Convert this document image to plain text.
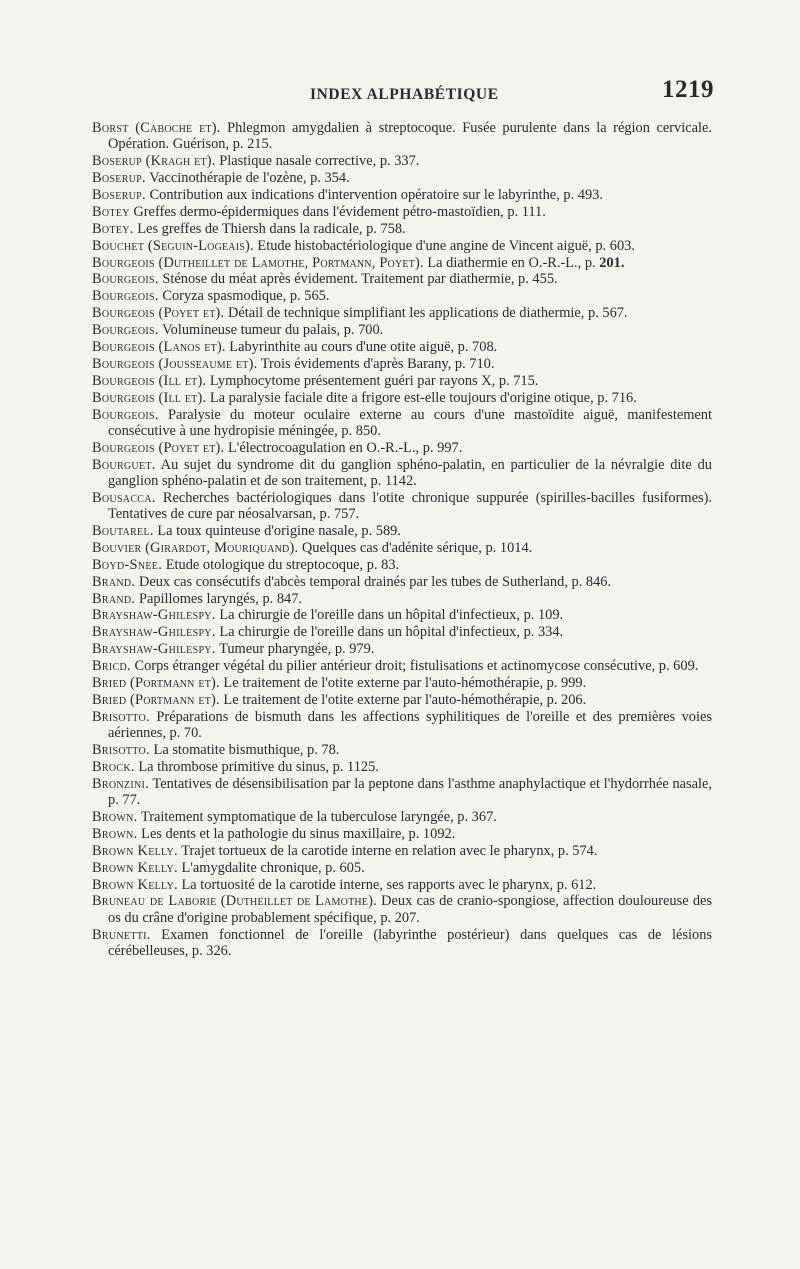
INDEX ALPHABÉTIQUE	1219
Borst (Caboche et). Phlegmon amygdalien à streptocoque. Fusée purulente dans la région cervicale. Opération. Guérison, p. 215.
Boserup (Kragh et). Plastique nasale corrective, p. 337.
Boserup. Vaccinothérapie de l'ozène, p. 354.
Boserup. Contribution aux indications d'intervention opératoire sur le labyrinthe, p. 493.
Botey Greffes dermo-épidermiques dans l'évidement pétro-mastoïdien, p. 111.
Botey. Les greffes de Thiersh dans la radicale, p. 758.
Bouchet (Seguin-Logeais). Etude histobactériologique d'une angine de Vincent aiguë, p. 603.
Bourgeois (Dutheillet de Lamothe, Portmann, Poyet). La diathermie en O.-R.-L., p. 201.
Bourgeois. Sténose du méat après évidement. Traitement par diathermie, p. 455.
Bourgeois. Coryza spasmodique, p. 565.
Bourgeois (Poyet et). Détail de technique simplifiant les applications de diathermie, p. 567.
Bourgeois. Volumineuse tumeur du palais, p. 700.
Bourgeois (Lanos et). Labyrinthite au cours d'une otite aiguë, p. 708.
Bourgeois (Jousseaume et). Trois évidements d'après Barany, p. 710.
Bourgeois (Ill et). Lymphocytome présentement guéri par rayons X, p. 715.
Bourgeois (Ill et). La paralysie faciale dite a frigore est-elle toujours d'origine otique, p. 716.
Bourgeois. Paralysie du moteur oculaire externe au cours d'une mastoïdite aiguë, manifestement consécutive à une hydropisie méningée, p. 850.
Bourgeois (Poyet et). L'électrocoagulation en O.-R.-L., p. 997.
Bourguet. Au sujet du syndrome dit du ganglion sphéno-palatin, en particulier de la névralgie dite du ganglion sphéno-palatin et de son traitement, p. 1142.
Bousacca. Recherches bactériologiques dans l'otite chronique suppurée (spirilles-bacilles fusiformes). Tentatives de cure par néosalvarsan, p. 757.
Boutarel. La toux quinteuse d'origine nasale, p. 589.
Bouvier (Girardot, Mouriquand). Quelques cas d'adénite sérique, p. 1014.
Boyd-Snee. Etude otologique du streptocoque, p. 83.
Brand. Deux cas consécutifs d'abcès temporal drainés par les tubes de Sutherland, p. 846.
Brand. Papillomes laryngés, p. 847.
Brayshaw-Ghilespy. La chirurgie de l'oreille dans un hôpital d'infectieux, p. 109.
Brayshaw-Ghilespy. La chirurgie de l'oreille dans un hôpital d'infectieux, p. 334.
Brayshaw-Ghilespy. Tumeur pharyngée, p. 979.
Bricd. Corps étranger végétal du pilier antérieur droit; fistulisations et actinomycose consécutive, p. 609.
Bried (Portmann et). Le traitement de l'otite externe par l'auto-hémothérapie, p. 999.
Bried (Portmann et). Le traitement de l'otite externe par l'auto-hémothérapie, p. 206.
Brisotto. Préparations de bismuth dans les affections syphilitiques de l'oreille et des premières voies aériennes, p. 70.
Brisotto. La stomatite bismuthique, p. 78.
Brock. La thrombose primitive du sinus, p. 1125.
Bronzini. Tentatives de désensibilisation par la peptone dans l'asthme anaphylactique et l'hydorrhée nasale, p. 77.
Brown. Traitement symptomatique de la tuberculose laryngée, p. 367.
Brown. Les dents et la pathologie du sinus maxillaire, p. 1092.
Brown Kelly. Trajet tortueux de la carotide interne en relation avec le pharynx, p. 574.
Brown Kelly. L'amygdalite chronique, p. 605.
Brown Kelly. La tortuosité de la carotide interne, ses rapports avec le pharynx, p. 612.
Bruneau de Laborie (Dutheillet de Lamothe). Deux cas de cranio-spongiose, affection douloureuse des os du crâne d'origine probablement spécifique, p. 207.
Brunetti. Examen fonctionnel de l'oreille (labyrinthe postérieur) dans quelques cas de lésions cérébelleuses, p. 326.
